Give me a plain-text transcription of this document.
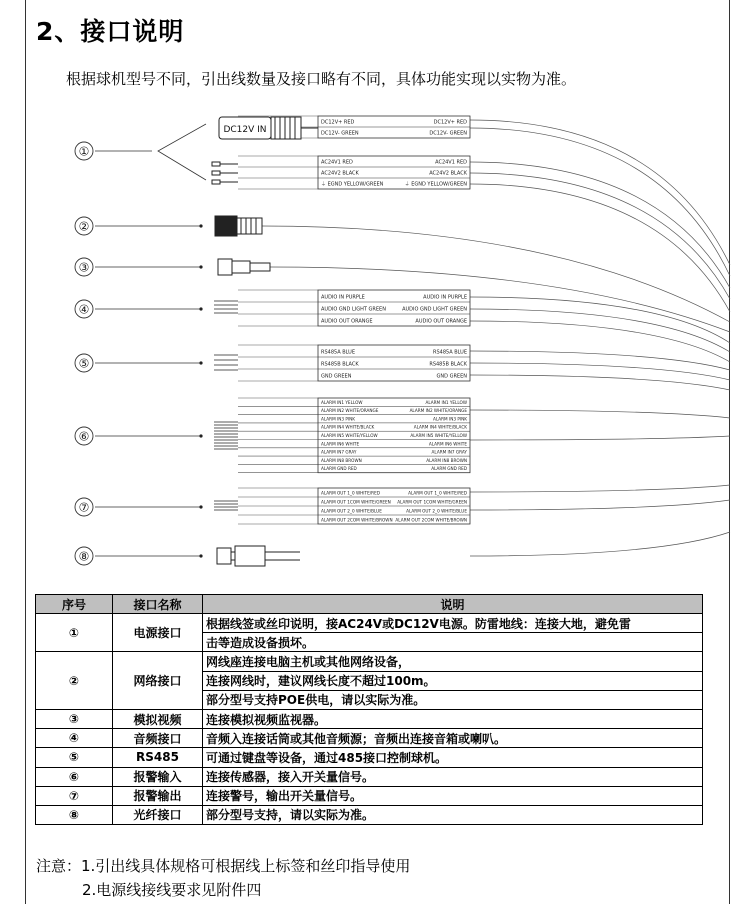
2、接口说明
根据球机型号不同，引出线数量及接口略有不同，具体功能实现以实物为准。
DC12V+ RED	DC12V+ RED
DC12V- GREEN	DC12V- GREEN
AC24V1 RED	AC24V1 RED
AC24V2 BLACK	AC24V2 BLACK
⏚ EGND YELLOW/GREEN	⏚ EGND YELLOW/GREEN
AUDIO IN PURPLE	AUDIO IN PURPLE
AUDIO GND LIGHT GREEN	AUDIO GND LIGHT GREEN
AUDIO OUT ORANGE	AUDIO OUT ORANGE
RS485A BLUE	RS485A BLUE
RS485B BLACK	RS485B BLACK
GND GREEN	GND GREEN
ALARM IN1 YELLOW	ALARM IN1 YELLOW
ALARM IN2 WHITE/ORANGE	ALARM IN2 WHITE/ORANGE
ALARM IN3 PINK	ALARM IN3 PINK
ALARM IN4 WHITE/BLACK	ALARM IN4 WHITE/BLACK
ALARM IN5 WHITE/YELLOW	ALARM IN5 WHITE/YELLOW
ALARM IN6 WHITE	ALARM IN6 WHITE
ALARM IN7 GRAY	ALARM IN7 GRAY
ALARM IN8 BROWN	ALARM IN8 BROWN
ALARM GND RED	ALARM GND RED
ALARM OUT 1_0 WHITE/RED	ALARM OUT 1_0 WHITE/RED
ALARM OUT 1COM WHITE/GREEN ALARM OUT 1COM WHITE/GREEN
ALARM OUT 2_0 WHITE/BLUE	ALARM OUT 2_0 WHITE/BLUE
ALARM OUT 2COM WHITE/BROWN ALARM OUT 2COM WHITE/BROWN
DC12V IN
①
②
③
④
⑤
⑥
⑦
⑧
序号	接口名称	说明
①	电源接口	根据线签或丝印说明，接AC24V或DC12V电源。防雷地线：连接大地，避免雷
		击等造成设备损坏。
②	网络接口	网线座连接电脑主机或其他网络设备，
		连接网线时，建议网线长度不超过100m。
		部分型号支持POE供电，请以实际为准。
③	模拟视频	连接模拟视频监视器。
④	音频接口	音频入连接话筒或其他音频源；音频出连接音箱或喇叭。
⑤	RS485	可通过键盘等设备，通过485接口控制球机。
⑥	报警输入	连接传感器，接入开关量信号。
⑦	报警输出	连接警号，输出开关量信号。
⑧	光纤接口	部分型号支持，请以实际为准。
注意：1.引出线具体规格可根据线上标签和丝印指导使用
2.电源线接线要求见附件四
